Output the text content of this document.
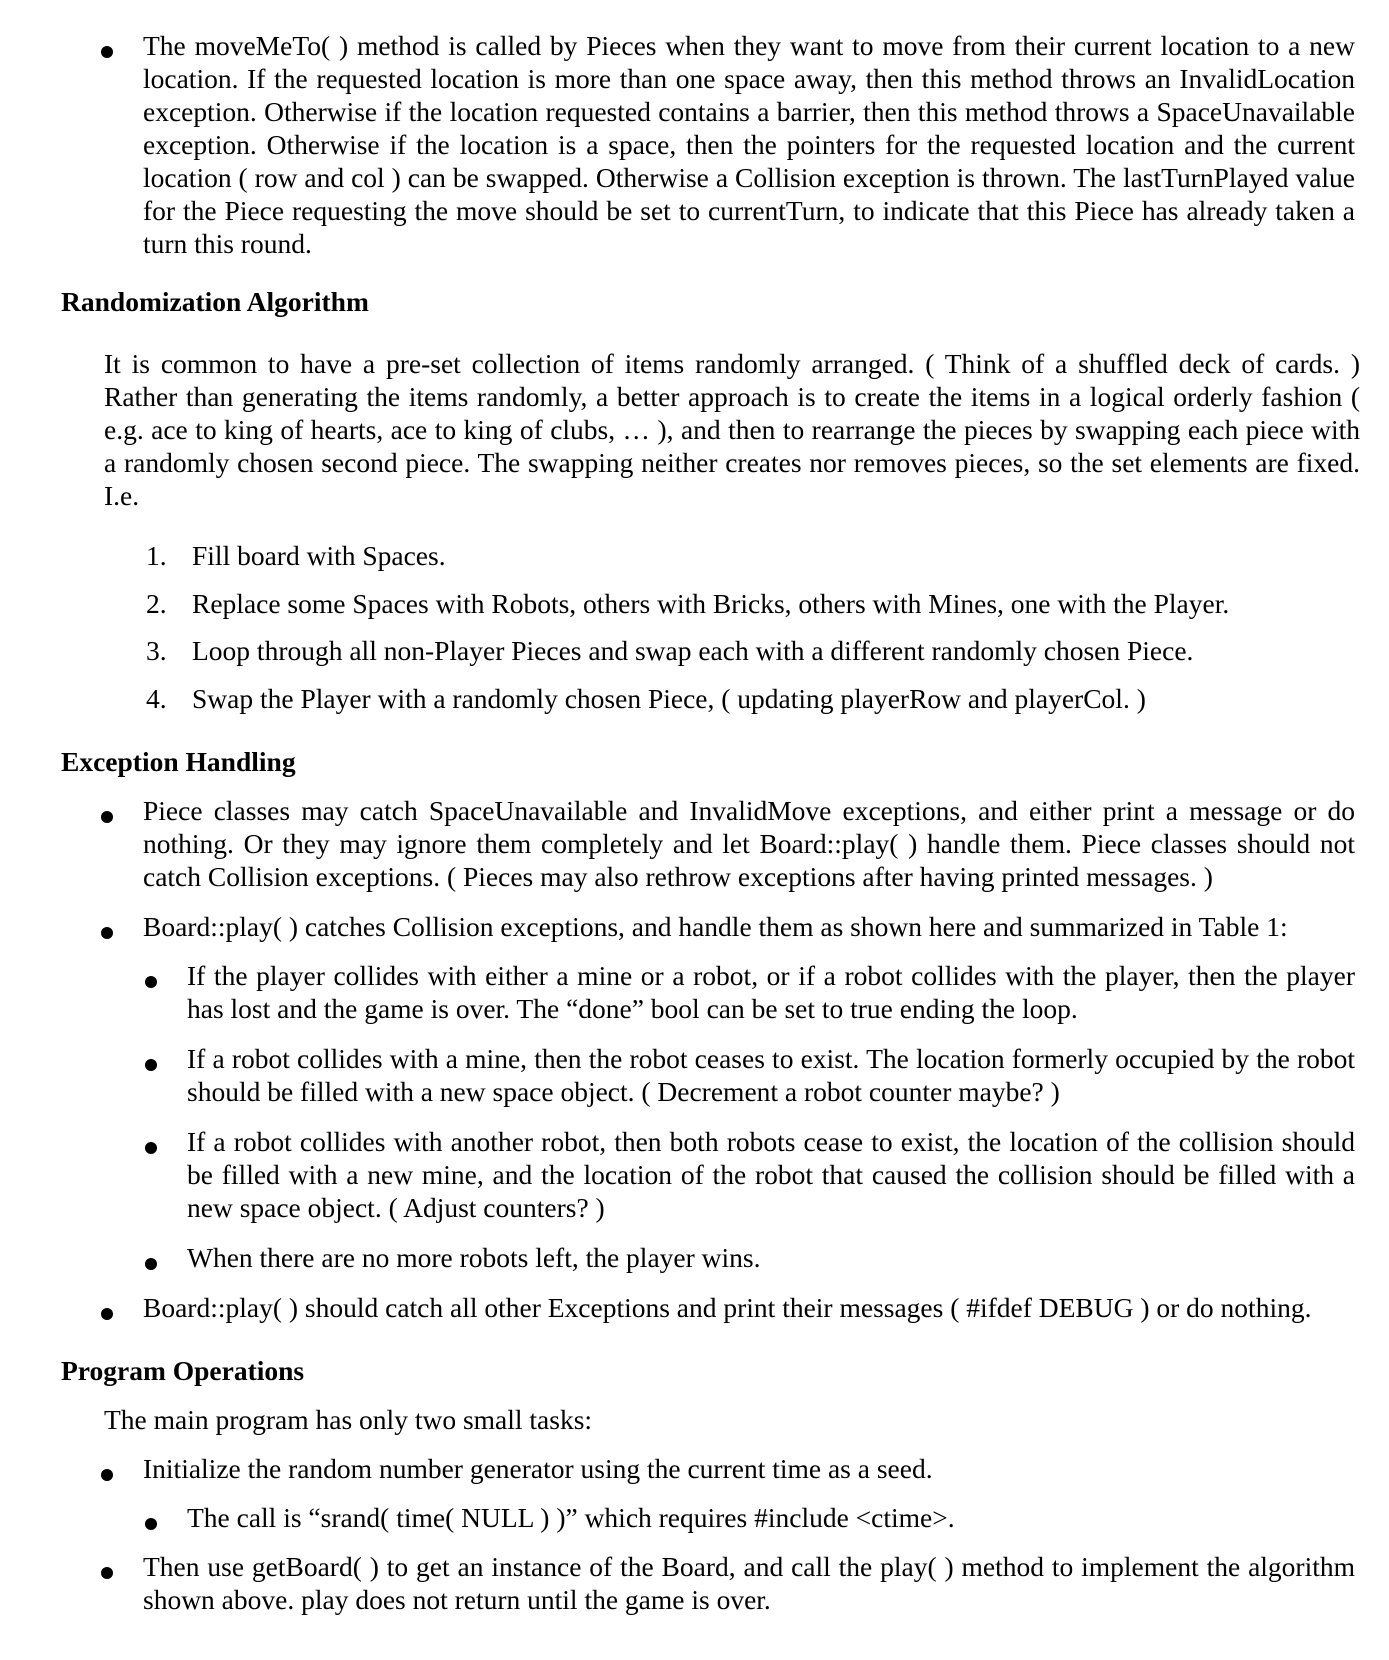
The moveMeTo( ) method is called by Pieces when they want to move from their current location to a new location. If the requested location is more than one space away, then this method throws an InvalidLocation exception. Otherwise if the location requested contains a barrier, then this method throws a SpaceUnavailable exception. Otherwise if the location is a space, then the pointers for the requested location and the current location ( row and col ) can be swapped. Otherwise a Collision exception is thrown. The lastTurnPlayed value for the Piece requesting the move should be set to currentTurn, to indicate that this Piece has already taken a turn this round.
Randomization Algorithm
It is common to have a pre-set collection of items randomly arranged. ( Think of a shuffled deck of cards. ) Rather than generating the items randomly, a better approach is to create the items in a logical orderly fashion ( e.g. ace to king of hearts, ace to king of clubs, … ), and then to rearrange the pieces by swapping each piece with a randomly chosen second piece. The swapping neither creates nor removes pieces, so the set elements are fixed. I.e.
1. Fill board with Spaces.
2. Replace some Spaces with Robots, others with Bricks, others with Mines, one with the Player.
3. Loop through all non-Player Pieces and swap each with a different randomly chosen Piece.
4. Swap the Player with a randomly chosen Piece, ( updating playerRow and playerCol. )
Exception Handling
Piece classes may catch SpaceUnavailable and InvalidMove exceptions, and either print a message or do nothing. Or they may ignore them completely and let Board::play( ) handle them. Piece classes should not catch Collision exceptions. ( Pieces may also rethrow exceptions after having printed messages. )
Board::play( ) catches Collision exceptions, and handle them as shown here and summarized in Table 1:
If the player collides with either a mine or a robot, or if a robot collides with the player, then the player has lost and the game is over. The “done” bool can be set to true ending the loop.
If a robot collides with a mine, then the robot ceases to exist. The location formerly occupied by the robot should be filled with a new space object. ( Decrement a robot counter maybe? )
If a robot collides with another robot, then both robots cease to exist, the location of the collision should be filled with a new mine, and the location of the robot that caused the collision should be filled with a new space object. ( Adjust counters? )
When there are no more robots left, the player wins.
Board::play( ) should catch all other Exceptions and print their messages ( #ifdef DEBUG ) or do nothing.
Program Operations
The main program has only two small tasks:
Initialize the random number generator using the current time as a seed.
The call is “srand( time( NULL ) )” which requires #include <ctime>.
Then use getBoard( ) to get an instance of the Board, and call the play( ) method to implement the algorithm shown above. play does not return until the game is over.
